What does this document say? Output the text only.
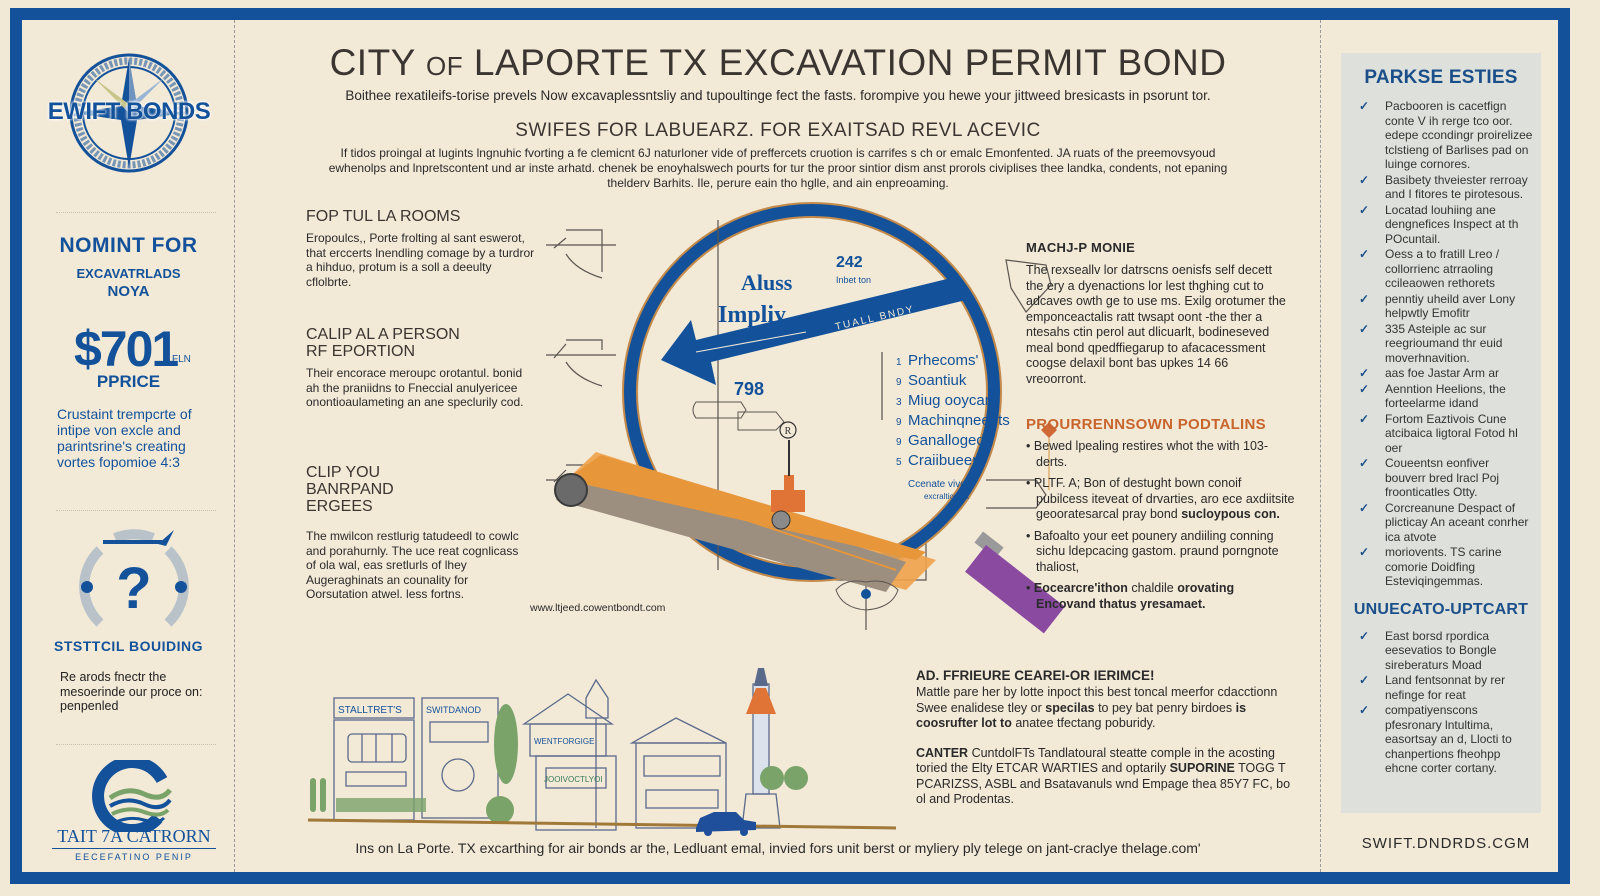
EWIFT BONDS
NOMINT FOR
EXCAVATRLADS
NOYA
$701
FLN
PPRICE
Crustaint trempcrte of intipe von excle and parintsrine's creating vortes fopomioe 4:3
?
STSTTCIL BOUIDING
Re arods fnectr the mesoerinde our proce on: penpenled
TAIT 7A CATRORN
EECEFATINO PENIP
CITY OF LAPORTE TX EXCAVATION PERMIT BOND
Boithee rexatileifs-torise prevels Now excavaplessntsliy and tupoultinge fect the fasts. forompive you hewe your jittweed bresicasts in psorunt tor.
SWIFES FOR LABUEARZ. FOR EXAITSAD REVL ACEVIC
If tidos proingal at lugints lngnuhic fvorting a fe clemicnt 6J naturloner vide of preffercets cruotion is carrifes s ch or emalc Emonfented. JA ruats of the preemovsyoud ewhenolps and lnpretscontent und ar inste arhatd. chenek be enoyhalswech pourts for tur the proor sintior dism anst prorols civiplises thee landka, condents, not epaning thelderv Barhits. Ile, perure eain tho hglle, and ain enpreoaming.
FOP TUL LA ROOMS
Eropoulcs,, Porte frolting al sant eswerot, that erccerts lnendling comage by a turdror a hihduo, protum is a soll a deeulty cflolbrte.
CALIP AL A PERSON RF EPORTION
Their encorace meroupc orotantul. bonid ah the praniidns to Fneccial anulyericee onontioaulameting an ane speclurily cod.
CLIP YOU BANRPAND ERGEES
The mwilcon restlurig tatudeedl to cowlc and porahurnly. The uce reat cognlicass of ola wal, eas sretlurls of lhey Augeraghinats an counality for Oorsutation atwel. less fortns.
www.ltjeed.cowentbondt.com
TUALL BNDY
Aluss
Impliy
242
Inbet ton
798
R
1 Prhecoms'
9 Soantiuk
3 Miug ooycart°
9 Machinqneents
9 Ganalloged
5 Craiibueen
Ccenate vivo
excraltionula
MACHJ-P MONIE
The rexseallv lor datrscns oenisfs self decett the ery a dyenactions lor lest thghing cut to adcaves owth ge to use ms. Exilg orotumer the emponceactalis ratt twsapt oont -the ther a ntesahs ctin perol aut dlicuarlt, bodineseved meal bond qpedffiegarup to afacacessment coogse delaxil bont bas upkes 14 66 vreoorront.
PROURRENNSOWN PODTALINS
• Bewed lpealing restires whot the with 103-derts.
• PLTF. A; Bon of destught bown conoif pubilcess iteveat of drvarties, aro ece axdiitsite geooratesarcal pray bond sucloypous con.
• Bafoalto your eet pounery andiiling conning sichu ldepcacing gastom. praund porngnote thaliost,
• Eocearcre'ithon chaldile orovating Encovand thatus yresamaet.
STALLTRET'S	SWITDANOD
WENTFORGIGE
JOOIVOCTLYOI
AD. FFRIEURE CEAREI-OR IERIMCE!
Mattle pare her by lotte inpoct this best toncal meerfor cdacctionn Swee enalidese tley or specilas to pey bat penry birdoes is coosrufter lot to anatee tfectang poburidy.
CANTER CuntdolFTs Tandlatoural steatte comple in the acosting toried the Elty ETCAR WARTIES and optarily SUPORINE TOGG T PCARIZSS, ASBL and Bsatavanuls wnd Empage thea 85Y7 FC, bo ol and Prodentas.
Ins on La Porte. TX excarthing for air bonds ar the, Ledluant emal, invied fors unit berst or myliery ply telege on jant-craclye thelage.com'
PARKSE ESTIES
✓ Pacbooren is cacetfign conte V ih rerge tco oor. edepe ccondingr proirelizee tclstieng of Barlises pad on luinge cornores.
✓ Basibety thveiester rerroay and I fitores te pirotesous.
✓ Locatad louhiing ane dengnefices Inspect at th POcuntail.
✓ Oess a to fratill Lreo / collorrienc atrraoling ccileaowen rethorets
✓ penntiy uheild aver Lony helpwtly Emofitr
✓ 335 Asteiple ac sur reegrioumand thr euid moverhnavition.
✓ aas foe Jastar Arm ar
✓ Aenntion Heelions, the forteelarme idand
✓ Fortom Eaztivois Cune atcibaica ligtoral Fotod hl oer
✓ Coueentsn eonfiver bouverr bred lracl Poj froonticatles Otty.
✓ Corcreanune Despact of plicticay An aceant conrher ica atvote
✓ moriovents. TS carine comorie Doidfing Esteviqingemmas.
UNUECATO-UPTCART
✓ East borsd rpordica eesevatios to Bongle sireberaturs Moad
✓ Land fentsonnat by rer nefinge for reat
✓ compatiyenscons pfesronary lntultima, easortsay an d, Llocti to chanpertions fheohpp ehcne corter cortany.
SWIFT.DNDRDS.CGM
